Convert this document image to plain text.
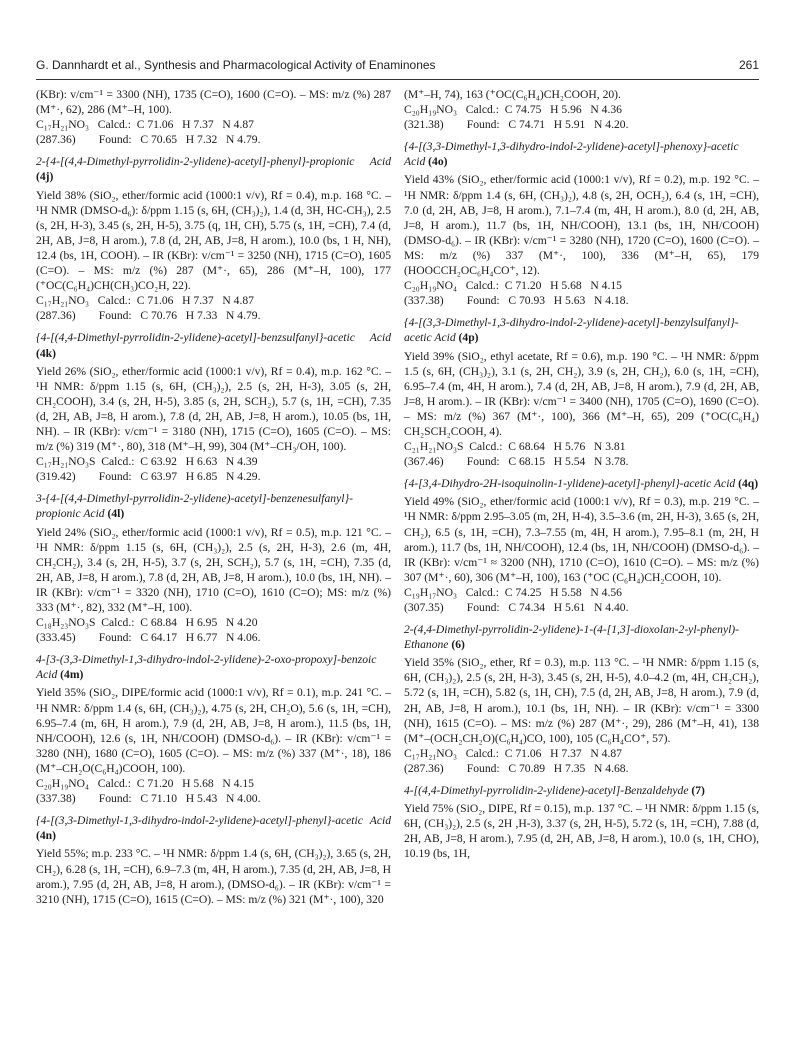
G. Dannhardt et al., Synthesis and Pharmacological Activity of Enaminones	261

(KBr): v/cm⁻¹ = 3300 (NH), 1735 (C=O), 1600 (C=O). – MS: m/z (%) 287 (M⁺·, 62), 286 (M⁺–H, 100).

C₁₇H₂₁NO₃   Calcd.:  C 71.06   H 7.37   N 4.87

(287.36)        Found:   C 70.65   H 7.32   N 4.79.

2-{4-[(4,4-Dimethyl-pyrrolidin-2-ylidene)-acetyl]-phenyl}-propionic Acid (4j)

Yield 38% (SiO₂, ether/formic acid (1000:1 v/v), Rf = 0.4), m.p. 168 °C. – ¹H NMR (DMSO-d₆): δ/ppm 1.15 (s, 6H, (CH₃)₂), 1.4 (d, 3H, HC-CH₃), 2.5 (s, 2H, H-3), 3.45 (s, 2H, H-5), 3.75 (q, 1H, CH), 5.75 (s, 1H, =CH), 7.4 (d, 2H, AB, J=8, H arom.), 7.8 (d, 2H, AB, J=8, H arom.), 10.0 (bs, 1 H, NH), 12.4 (bs, 1H, COOH). – IR (KBr): v/cm⁻¹ = 3250 (NH), 1715 (C=O), 1605 (C=O). – MS: m/z (%) 287 (M⁺·, 65), 286 (M⁺–H, 100), 177 (⁺OC(C₆H₄)CH(CH₃)CO₂H, 22).

C₁₇H₂₁NO₃   Calcd.:  C 71.06   H 7.37   N 4.87

(287.36)        Found:   C 70.76   H 7.33   N 4.79.

{4-[(4,4-Dimethyl-pyrrolidin-2-ylidene)-acetyl]-benzsulfanyl}-acetic Acid (4k)

Yield 26% (SiO₂, ether/formic acid (1000:1 v/v), Rf = 0.4), m.p. 162 °C. – ¹H NMR: δ/ppm 1.15 (s, 6H, (CH₃)₂), 2.5 (s, 2H, H-3), 3.05 (s, 2H, CH₂COOH), 3.4 (s, 2H, H-5), 3.85 (s, 2H, SCH₂), 5.7 (s, 1H, =CH), 7.35 (d, 2H, AB, J=8, H arom.), 7.8 (d, 2H, AB, J=8, H arom.), 10.05 (bs, 1H, NH). – IR (KBr): v/cm⁻¹ = 3180 (NH), 1715 (C=O), 1605 (C=O). – MS: m/z (%) 319 (M⁺·, 80), 318 (M⁺–H, 99), 304 (M⁺–CH₃/OH, 100).

C₁₇H₂₁NO₃S  Calcd.:  C 63.92   H 6.63   N 4.39

(319.42)        Found:   C 63.97   H 6.85   N 4.29.

3-{4-[(4,4-Dimethyl-pyrrolidin-2-ylidene)-acetyl]-benzenesulfanyl}-propionic Acid (4l)

Yield 24% (SiO₂, ether/formic acid (1000:1 v/v), Rf = 0.5), m.p. 121 °C. – ¹H NMR: δ/ppm 1.15 (s, 6H, (CH₃)₂), 2.5 (s, 2H, H-3), 2.6 (m, 4H, CH₂CH₂), 3.4 (s, 2H, H-5), 3.7 (s, 2H, SCH₂), 5.7 (s, 1H, =CH), 7.35 (d, 2H, AB, J=8, H arom.), 7.8 (d, 2H, AB, J=8, H arom.), 10.0 (bs, 1H, NH). – IR (KBr): v/cm⁻¹ = 3320 (NH), 1710 (C=O), 1610 (C=O); MS: m/z (%) 333 (M⁺·, 82), 332 (M⁺–H, 100).

C₁₈H₂₃NO₃S  Calcd.:  C 68.84   H 6.95   N 4.20

(333.45)        Found:   C 64.17   H 6.77   N 4.06.

4-[3-(3,3-Dimethyl-1,3-dihydro-indol-2-ylidene)-2-oxo-propoxy]-benzoic Acid (4m)

Yield 35% (SiO₂, DIPE/formic acid (1000:1 v/v), Rf = 0.1), m.p. 241 °C. – ¹H NMR: δ/ppm 1.4 (s, 6H, (CH₃)₂), 4.75 (s, 2H, CH₂O), 5.6 (s, 1H, =CH), 6.95–7.4 (m, 6H, H arom.), 7.9 (d, 2H, AB, J=8, H arom.), 11.5 (bs, 1H, NH/COOH), 12.6 (s, 1H, NH/COOH) (DMSO-d₆). – IR (KBr): v/cm⁻¹ = 3280 (NH), 1680 (C=O), 1605 (C=O). – MS: m/z (%) 337 (M⁺·, 18), 186 (M⁺–CH₂O(C₆H₄)COOH, 100).

C₂₀H₁₉NO₄   Calcd.:  C 71.20   H 5.68   N 4.15

(337.38)        Found:   C 71.10   H 5.43   N 4.00.

{4-[(3,3-Dimethyl-1,3-dihydro-indol-2-ylidene)-acetyl]-phenyl}-acetic Acid (4n)

Yield 55%; m.p. 233 °C. – ¹H NMR: δ/ppm 1.4 (s, 6H, (CH₃)₂), 3.65 (s, 2H, CH₂), 6.28 (s, 1H, =CH), 6.9–7.3 (m, 4H, H arom.), 7.35 (d, 2H, AB, J=8, H arom.), 7.95 (d, 2H, AB, J=8, H arom.), (DMSO-d₆). – IR (KBr): v/cm⁻¹ = 3210 (NH), 1715 (C=O), 1615 (C=O). – MS: m/z (%) 321 (M⁺·, 100), 320

(M⁺–H, 74), 163 (⁺OC(C₆H₄)CH₂COOH, 20).

C₂₀H₁₉NO₃   Calcd.:  C 74.75   H 5.96   N 4.36

(321.38)        Found:   C 74.71   H 5.91   N 4.20.

{4-[(3,3-Dimethyl-1,3-dihydro-indol-2-ylidene)-acetyl]-phenoxy}-acetic Acid (4o)

Yield 43% (SiO₂, ether/formic acid (1000:1 v/v), Rf = 0.2), m.p. 192 °C. – ¹H NMR: δ/ppm 1.4 (s, 6H, (CH₃)₂), 4.8 (s, 2H, OCH₂), 6.4 (s, 1H, =CH), 7.0 (d, 2H, AB, J=8, H arom.), 7.1–7.4 (m, 4H, H arom.), 8.0 (d, 2H, AB, J=8, H arom.), 11.7 (bs, 1H, NH/COOH), 13.1 (bs, 1H, NH/COOH) (DMSO-d₆). – IR (KBr): v/cm⁻¹ = 3280 (NH), 1720 (C=O), 1600 (C=O). – MS: m/z (%) 337 (M⁺·, 100), 336 (M⁺–H, 65), 179 (HOOCCH₂OC₆H₄CO⁺, 12).

C₂₀H₁₉NO₄   Calcd.:  C 71.20   H 5.68   N 4.15

(337.38)        Found:   C 70.93   H 5.63   N 4.18.

{4-[(3,3-Dimethyl-1,3-dihydro-indol-2-ylidene)-acetyl]-benzylsulfanyl}-acetic Acid (4p)

Yield 39% (SiO₂, ethyl acetate, Rf = 0.6), m.p. 190 °C. – ¹H NMR: δ/ppm 1.5 (s, 6H, (CH₃)₂), 3.1 (s, 2H, CH₂), 3.9 (s, 2H, CH₂), 6.0 (s, 1H, =CH), 6.95–7.4 (m, 4H, H arom.), 7.4 (d, 2H, AB, J=8, H arom.), 7.9 (d, 2H, AB, J=8, H arom.). – IR (KBr): v/cm⁻¹ = 3400 (NH), 1705 (C=O), 1690 (C=O). – MS: m/z (%) 367 (M⁺·, 100), 366 (M⁺–H, 65), 209 (⁺OC(C₆H₄) CH₂SCH₂COOH, 4).

C₂₁H₂₁NO₃S  Calcd.:  C 68.64   H 5.76   N 3.81

(367.46)        Found:   C 68.15   H 5.54   N 3.78.

{4-[3,4-Dihydro-2H-isoquinolin-1-ylidene)-acetyl]-phenyl}-acetic Acid (4q)

Yield 49% (SiO₂, ether/formic acid (1000:1 v/v), Rf = 0.3), m.p. 219 °C. – ¹H NMR: δ/ppm 2.95–3.05 (m, 2H, H-4), 3.5–3.6 (m, 2H, H-3), 3.65 (s, 2H, CH₂), 6.5 (s, 1H, =CH), 7.3–7.55 (m, 4H, H arom.), 7.95–8.1 (m, 2H, H arom.), 11.7 (bs, 1H, NH/COOH), 12.4 (bs, 1H, NH/COOH) (DMSO-d₆). – IR (KBr): v/cm⁻¹ ≈ 3200 (NH), 1710 (C=O), 1610 (C=O). – MS: m/z (%) 307 (M⁺·, 60), 306 (M⁺–H, 100), 163 (⁺OC (C₆H₄)CH₂COOH, 10).

C₁₉H₁₇NO₃   Calcd.:  C 74.25   H 5.58   N 4.56

(307.35)        Found:   C 74.34   H 5.61   N 4.40.

2-(4,4-Dimethyl-pyrrolidin-2-ylidene)-1-(4-[1,3]-dioxolan-2-yl-phenyl)-Ethanone (6)

Yield 35% (SiO₂, ether, Rf = 0.3), m.p. 113 °C. – ¹H NMR: δ/ppm 1.15 (s, 6H, (CH₃)₂), 2.5 (s, 2H, H-3), 3.45 (s, 2H, H-5), 4.0–4.2 (m, 4H, CH₂CH₂), 5.72 (s, 1H, =CH), 5.82 (s, 1H, CH), 7.5 (d, 2H, AB, J=8, H arom.), 7.9 (d, 2H, AB, J=8, H arom.), 10.1 (bs, 1H, NH). – IR (KBr): v/cm⁻¹ = 3300 (NH), 1615 (C=O). – MS: m/z (%) 287 (M⁺·, 29), 286 (M⁺–H, 41), 138 (M⁺–(OCH₂CH₂O)(C₆H₄)CO, 100), 105 (C₆H₄CO⁺, 57).

C₁₇H₂₁NO₃   Calcd.:  C 71.06   H 7.37   N 4.87

(287.36)        Found:   C 70.89   H 7.35   N 4.68.

4-[(4,4-Dimethyl-pyrrolidin-2-ylidene)-acetyl]-Benzaldehyde (7)

Yield 75% (SiO₂, DIPE, Rf = 0.15), m.p. 137 °C. – ¹H NMR: δ/ppm 1.15 (s, 6H, (CH₃)₂), 2.5 (s, 2H ,H-3), 3.37 (s, 2H, H-5), 5.72 (s, 1H, =CH), 7.88 (d, 2H, AB, J=8, H arom.), 7.95 (d, 2H, AB, J=8, H arom.), 10.0 (s, 1H, CHO), 10.19 (bs, 1H,
